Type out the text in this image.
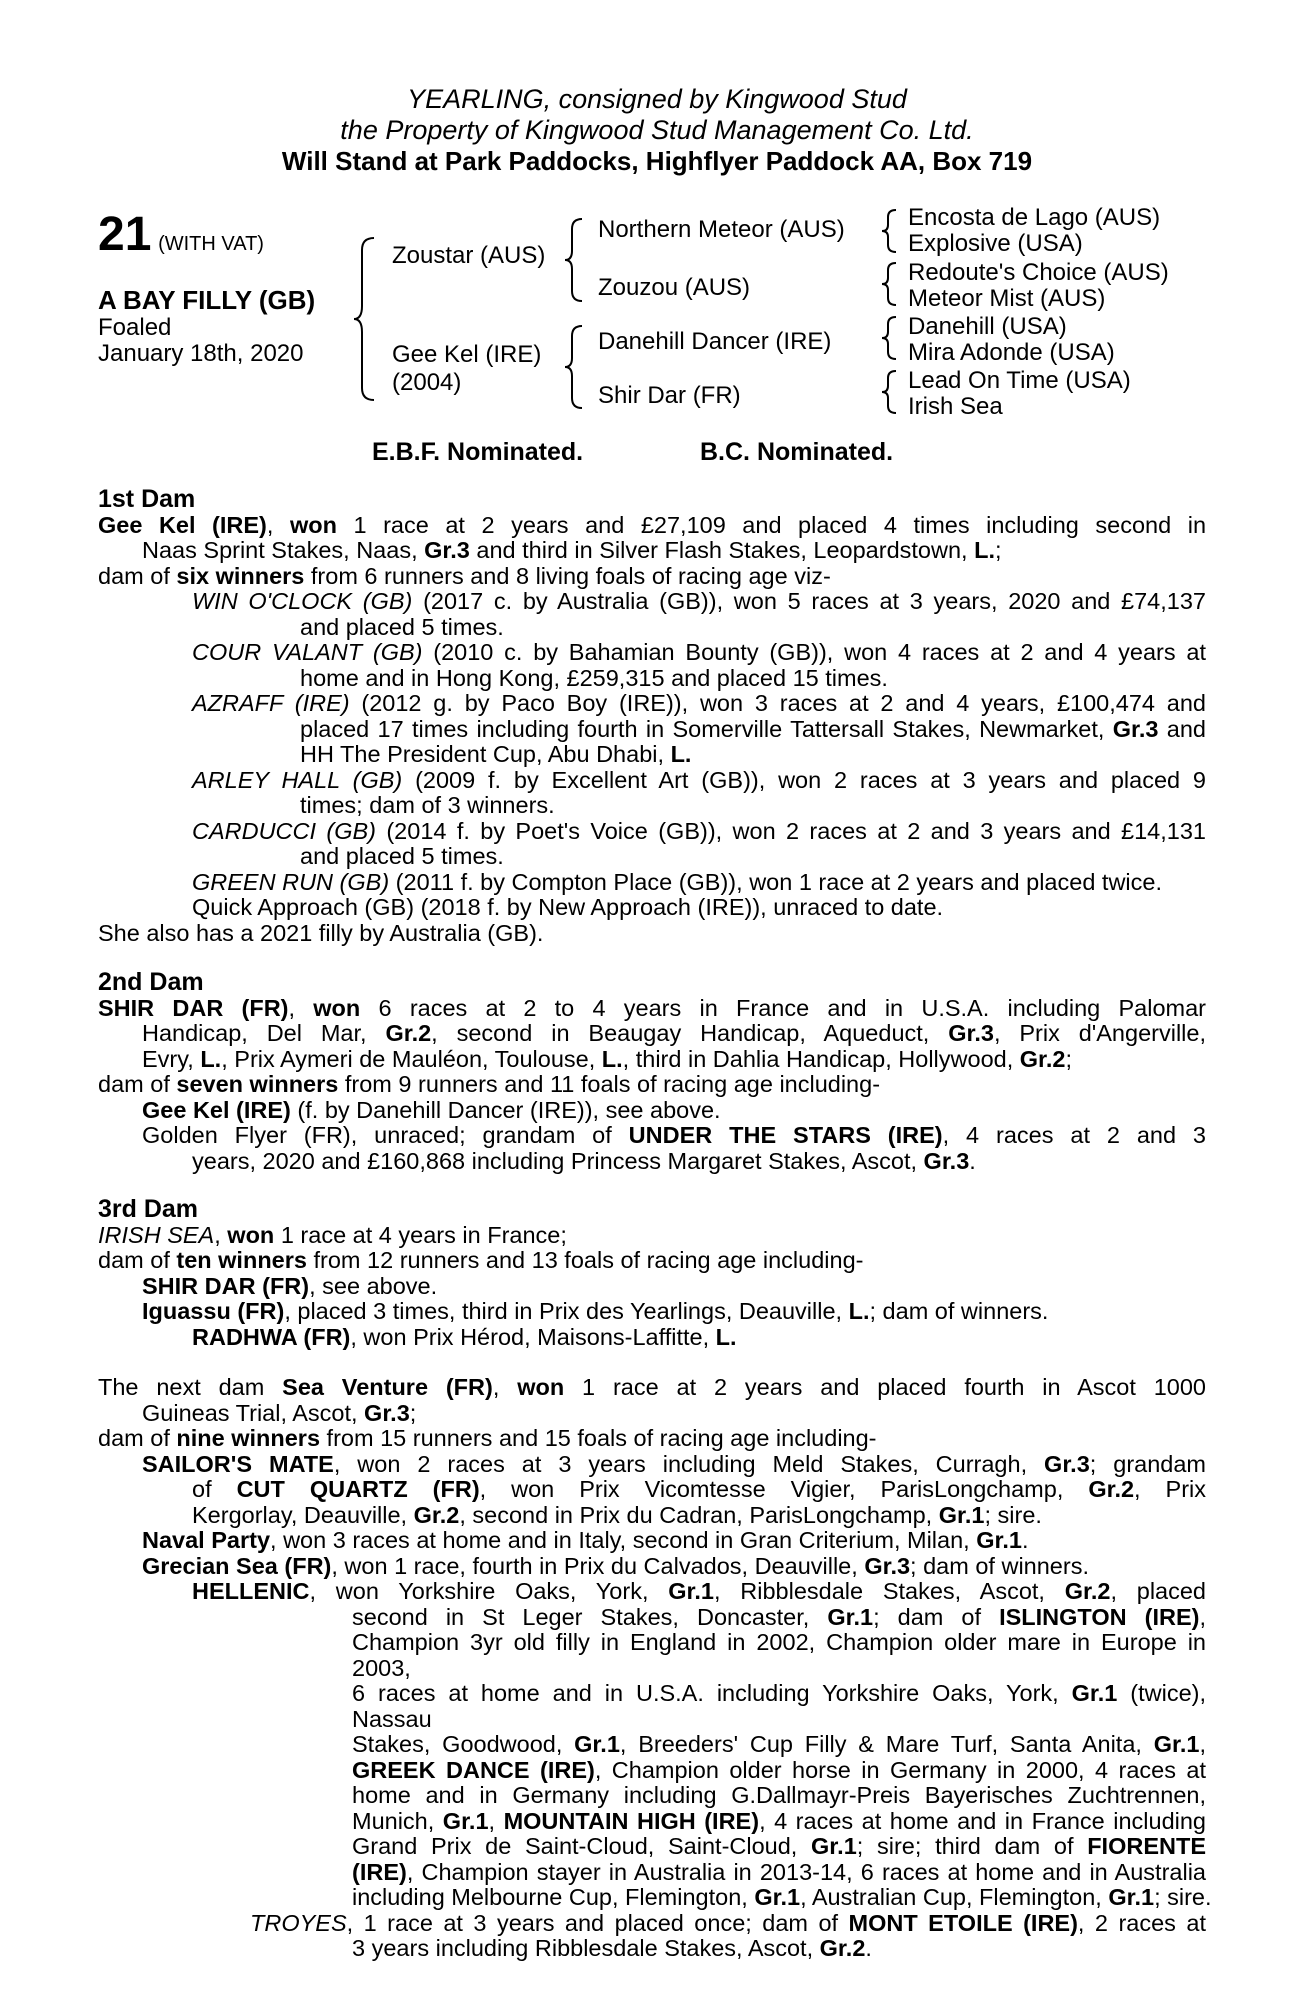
YEARLING, consigned by Kingwood Stud
the Property of Kingwood Stud Management Co. Ltd.
Will Stand at Park Paddocks, Highflyer Paddock AA, Box 719
21 (WITH VAT)
A BAY FILLY (GB)
Foaled
January 18th, 2020
Zoustar (AUS)
Gee Kel (IRE)
(2004)
Northern Meteor (AUS)
Zouzou (AUS)
Danehill Dancer (IRE)
Shir Dar (FR)
Encosta de Lago (AUS)
Explosive (USA)
Redoute's Choice (AUS)
Meteor Mist (AUS)
Danehill (USA)
Mira Adonde (USA)
Lead On Time (USA)
Irish Sea
E.B.F. Nominated.	B.C. Nominated.
1st Dam
Gee Kel (IRE), won 1 race at 2 years and £27,109 and placed 4 times including second in
Naas Sprint Stakes, Naas, Gr.3 and third in Silver Flash Stakes, Leopardstown, L.;
dam of six winners from 6 runners and 8 living foals of racing age viz-
WIN O'CLOCK (GB) (2017 c. by Australia (GB)), won 5 races at 3 years, 2020 and £74,137
and placed 5 times.
COUR VALANT (GB) (2010 c. by Bahamian Bounty (GB)), won 4 races at 2 and 4 years at
home and in Hong Kong, £259,315 and placed 15 times.
AZRAFF (IRE) (2012 g. by Paco Boy (IRE)), won 3 races at 2 and 4 years, £100,474 and
placed 17 times including fourth in Somerville Tattersall Stakes, Newmarket, Gr.3 and
HH The President Cup, Abu Dhabi, L.
ARLEY HALL (GB) (2009 f. by Excellent Art (GB)), won 2 races at 3 years and placed 9
times; dam of 3 winners.
CARDUCCI (GB) (2014 f. by Poet's Voice (GB)), won 2 races at 2 and 3 years and £14,131
and placed 5 times.
GREEN RUN (GB) (2011 f. by Compton Place (GB)), won 1 race at 2 years and placed twice.
Quick Approach (GB) (2018 f. by New Approach (IRE)), unraced to date.
She also has a 2021 filly by Australia (GB).
2nd Dam
SHIR DAR (FR), won 6 races at 2 to 4 years in France and in U.S.A. including Palomar
Handicap, Del Mar, Gr.2, second in Beaugay Handicap, Aqueduct, Gr.3, Prix d'Angerville,
Evry, L., Prix Aymeri de Mauléon, Toulouse, L., third in Dahlia Handicap, Hollywood, Gr.2;
dam of seven winners from 9 runners and 11 foals of racing age including-
Gee Kel (IRE) (f. by Danehill Dancer (IRE)), see above.
Golden Flyer (FR), unraced; grandam of UNDER THE STARS (IRE), 4 races at 2 and 3
years, 2020 and £160,868 including Princess Margaret Stakes, Ascot, Gr.3.
3rd Dam
IRISH SEA, won 1 race at 4 years in France;
dam of ten winners from 12 runners and 13 foals of racing age including-
SHIR DAR (FR), see above.
Iguassu (FR), placed 3 times, third in Prix des Yearlings, Deauville, L.; dam of winners.
RADHWA (FR), won Prix Hérod, Maisons-Laffitte, L.
The next dam Sea Venture (FR), won 1 race at 2 years and placed fourth in Ascot 1000
Guineas Trial, Ascot, Gr.3;
dam of nine winners from 15 runners and 15 foals of racing age including-
SAILOR'S MATE, won 2 races at 3 years including Meld Stakes, Curragh, Gr.3; grandam
of CUT QUARTZ (FR), won Prix Vicomtesse Vigier, ParisLongchamp, Gr.2, Prix
Kergorlay, Deauville, Gr.2, second in Prix du Cadran, ParisLongchamp, Gr.1; sire.
Naval Party, won 3 races at home and in Italy, second in Gran Criterium, Milan, Gr.1.
Grecian Sea (FR), won 1 race, fourth in Prix du Calvados, Deauville, Gr.3; dam of winners.
HELLENIC, won Yorkshire Oaks, York, Gr.1, Ribblesdale Stakes, Ascot, Gr.2, placed
second in St Leger Stakes, Doncaster, Gr.1; dam of ISLINGTON (IRE),
Champion 3yr old filly in England in 2002, Champion older mare in Europe in 2003,
6 races at home and in U.S.A. including Yorkshire Oaks, York, Gr.1 (twice), Nassau
Stakes, Goodwood, Gr.1, Breeders' Cup Filly & Mare Turf, Santa Anita, Gr.1,
GREEK DANCE (IRE), Champion older horse in Germany in 2000, 4 races at
home and in Germany including G.Dallmayr-Preis Bayerisches Zuchtrennen,
Munich, Gr.1, MOUNTAIN HIGH (IRE), 4 races at home and in France including
Grand Prix de Saint-Cloud, Saint-Cloud, Gr.1; sire; third dam of FIORENTE
(IRE), Champion stayer in Australia in 2013-14, 6 races at home and in Australia
including Melbourne Cup, Flemington, Gr.1, Australian Cup, Flemington, Gr.1; sire.
TROYES, 1 race at 3 years and placed once; dam of MONT ETOILE (IRE), 2 races at
3 years including Ribblesdale Stakes, Ascot, Gr.2.
